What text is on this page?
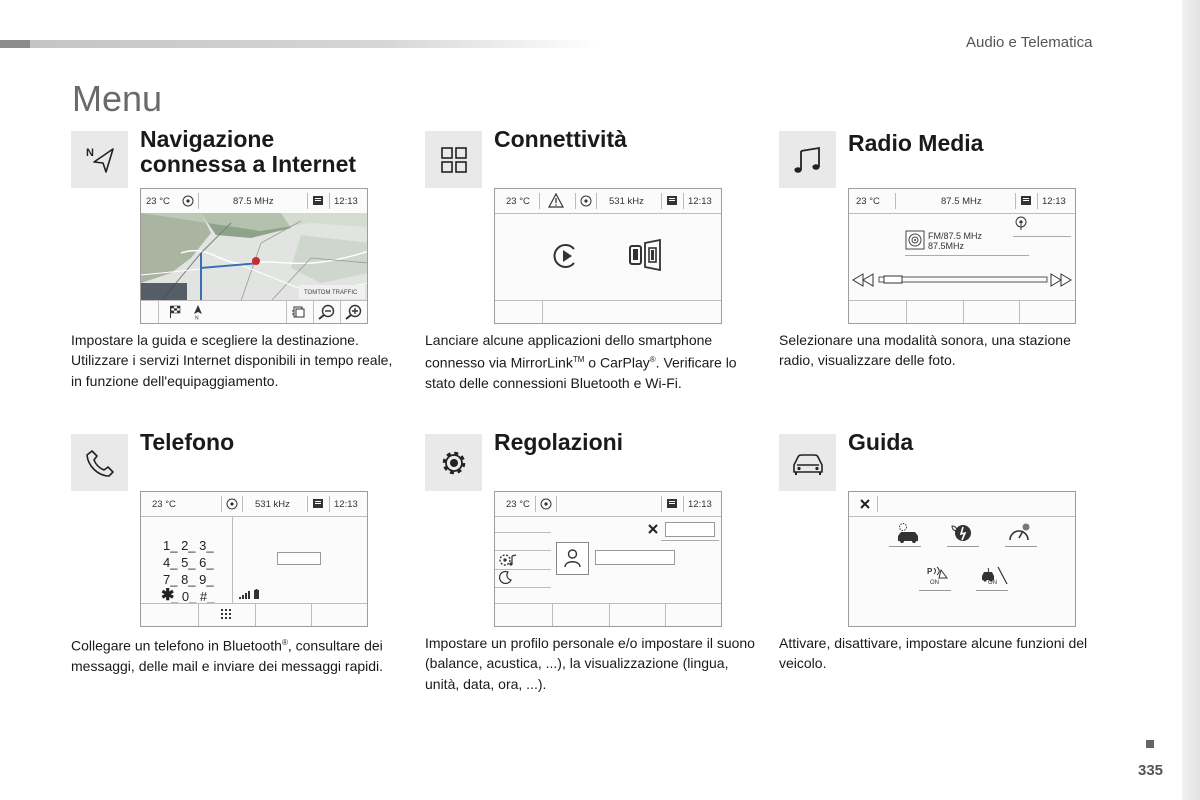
Audio e Telematica
Menu
335
N
Navigazione
connessa a Internet
23 °C	87.5 MHz	12:13
TOMTOM TRAFFIC
N

Impostare la guida e scegliere la destinazione. Utilizzare i servizi Internet disponibili in tempo reale, in funzione dell'equipaggiamento.

Connettività
23 °C	531 kHz	12:13

Lanciare alcune applicazioni dello smartphone connesso via MirrorLink™ o CarPlay®. Verificare lo stato delle connessioni Bluetooth e Wi-Fi.

Radio Media
23 °C	87.5 MHz	12:13
FM/87.5 MHz
87.5MHz

Selezionare una modalità sonora, una stazione radio, visualizzare delle foto.

Telefono
23 °C	531 kHz	12:13
1_ 2_ 3_
4_ 5_ 6_
7_ 8_ 9_
✱
_ 0_ #_

Collegare un telefono in Bluetooth®, consultare dei messaggi, delle mail e inviare dei messaggi rapidi.

Regolazioni
23 °C	12:13

Impostare un profilo personale e/o impostare il suono (balance, acustica, ...), la visualizzazione (lingua, unità, data, ora, ...).

Guida
P
ON	ON

Attivare, disattivare, impostare alcune funzioni del veicolo.
